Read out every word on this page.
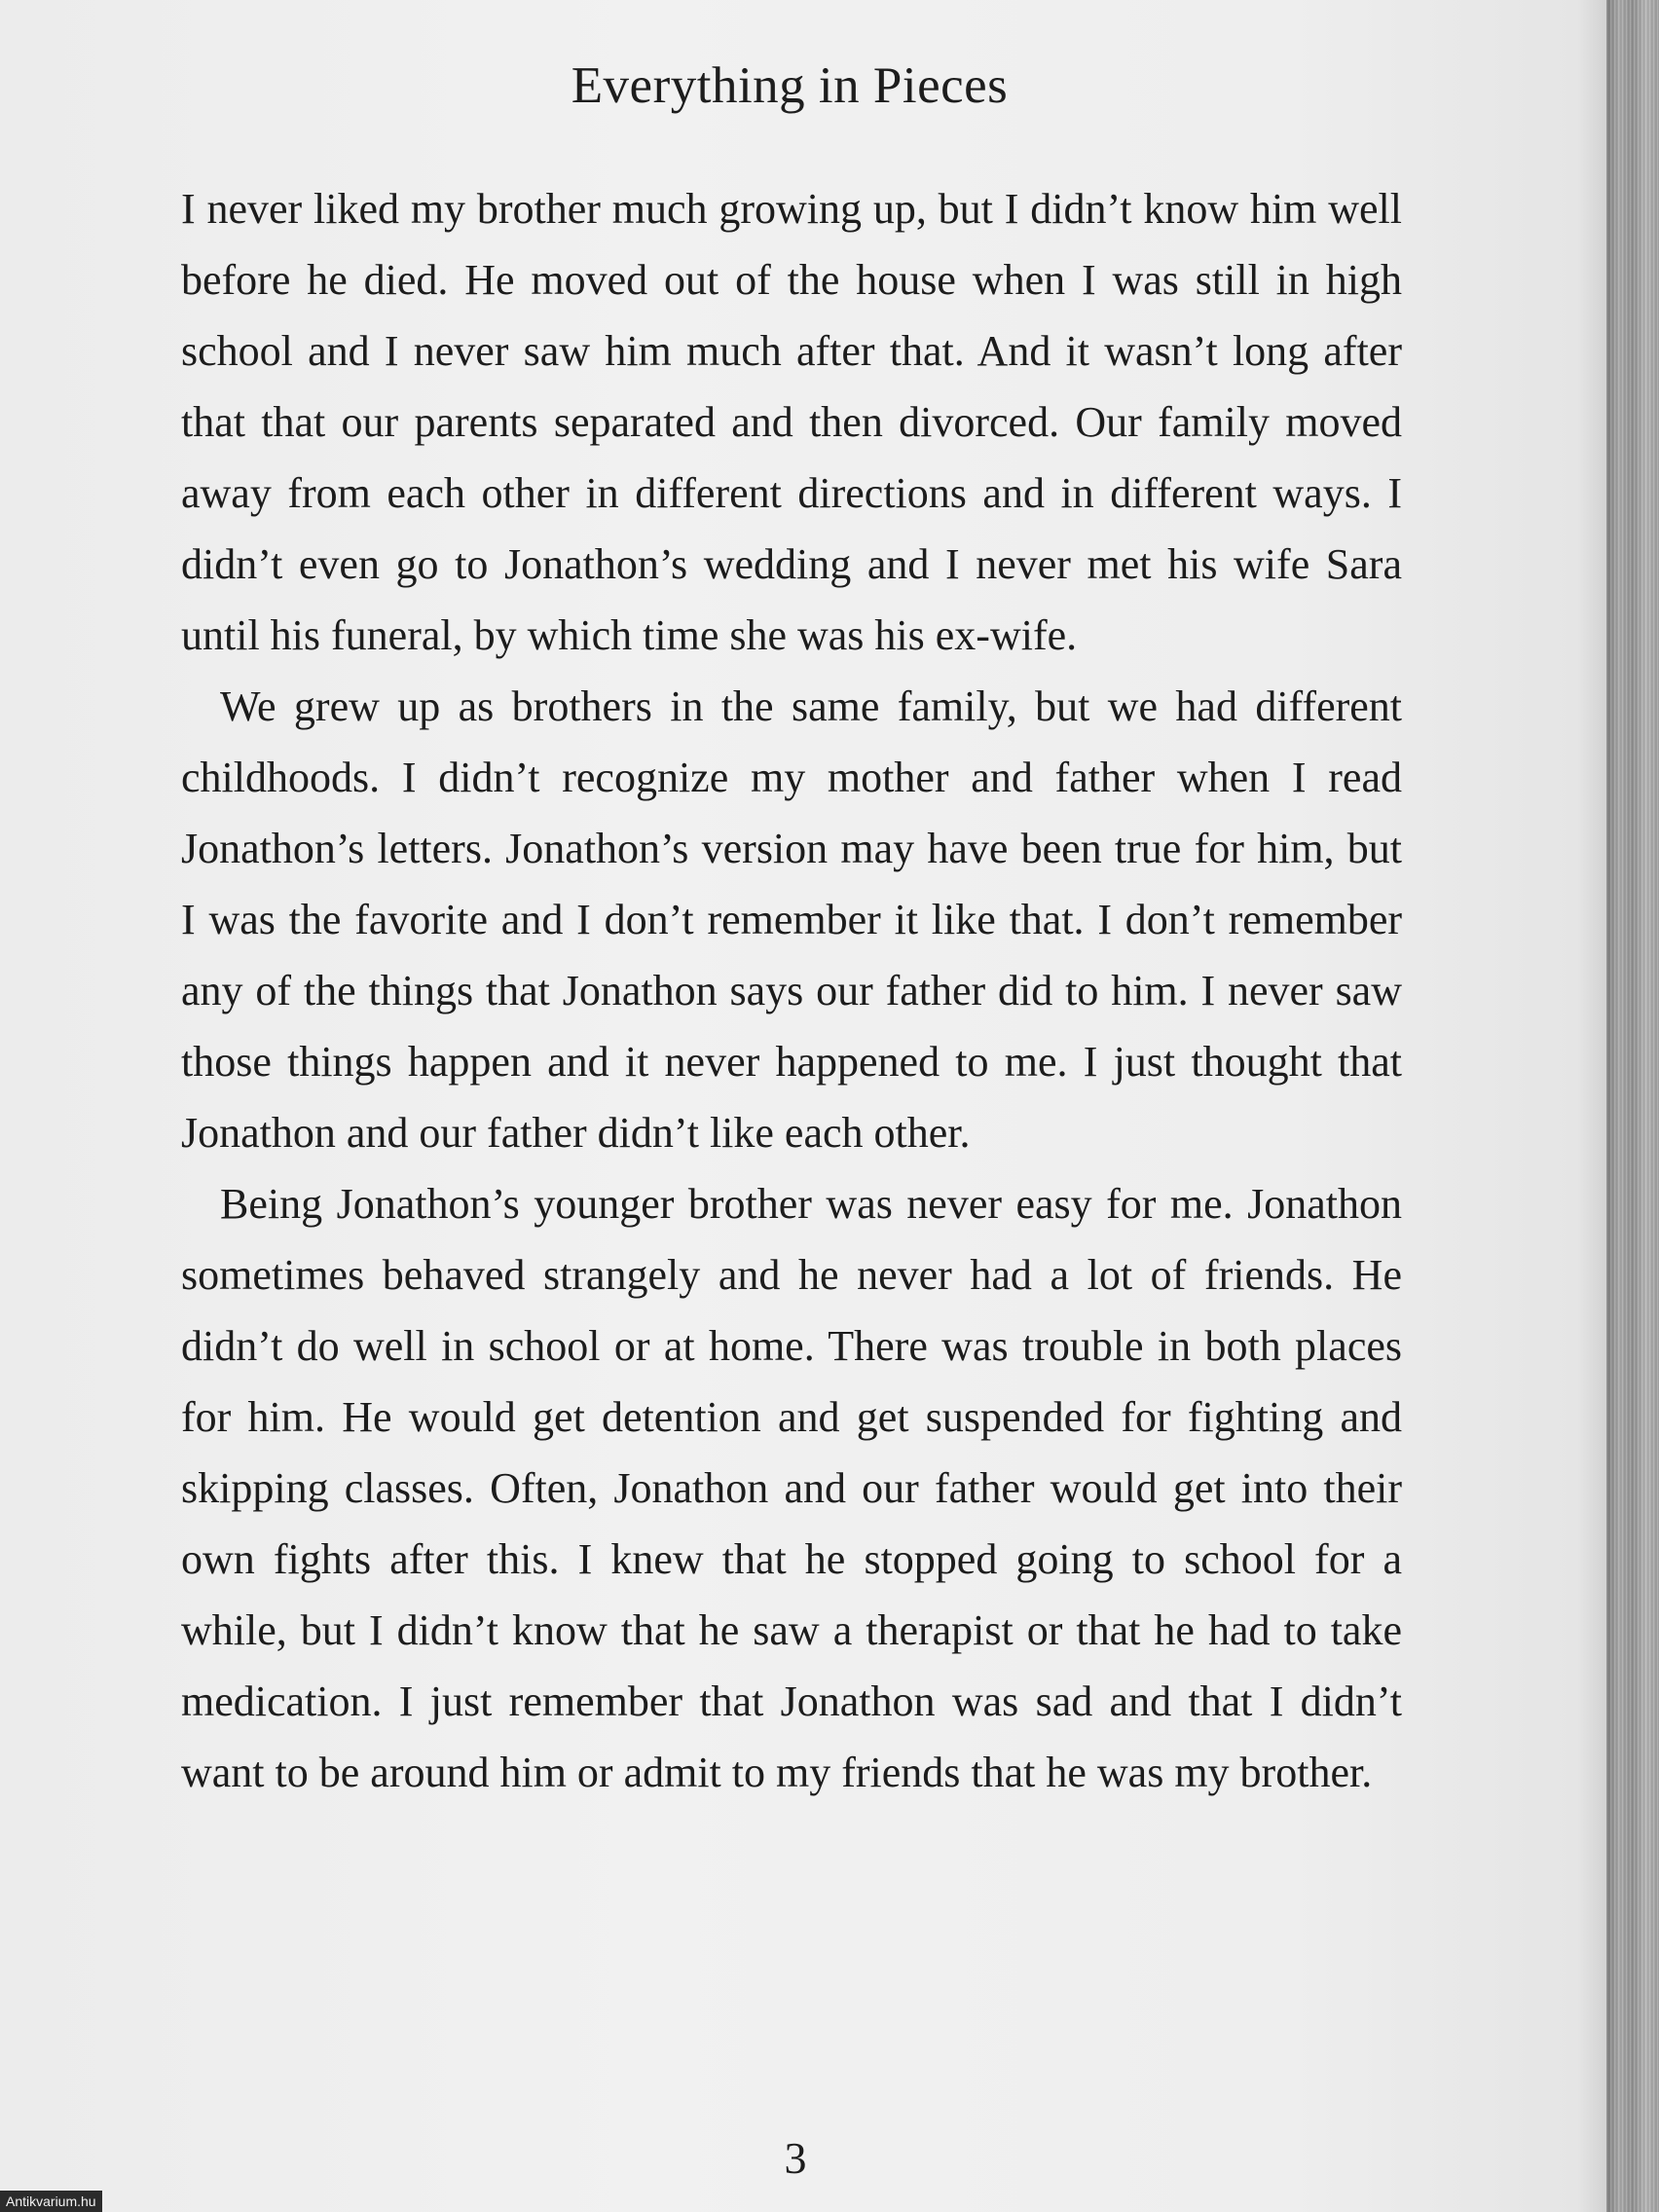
Everything in Pieces

I never liked my brother much growing up, but I didn’t know him well before he died. He moved out of the house when I was still in high school and I never saw him much after that. And it wasn’t long after that that our parents separated and then divorced. Our family moved away from each other in different directions and in different ways. I didn’t even go to Jonathon’s wedding and I never met his wife Sara until his funeral, by which time she was his ex-wife.

We grew up as brothers in the same family, but we had different childhoods. I didn’t recognize my mother and father when I read Jonathon’s letters. Jonathon’s version may have been true for him, but I was the favorite and I don’t remember it like that. I don’t remember any of the things that Jonathon says our father did to him. I never saw those things happen and it never happened to me. I just thought that Jonathon and our father didn’t like each other.

Being Jonathon’s younger brother was never easy for me. Jonathon sometimes behaved strangely and he never had a lot of friends. He didn’t do well in school or at home. There was trouble in both places for him. He would get detention and get suspended for fighting and skipping classes. Often, Jonathon and our father would get into their own fights after this. I knew that he stopped going to school for a while, but I didn’t know that he saw a therapist or that he had to take medication. I just remember that Jonathon was sad and that I didn’t want to be around him or admit to my friends that he was my brother.

3
Antikvarium.hu
